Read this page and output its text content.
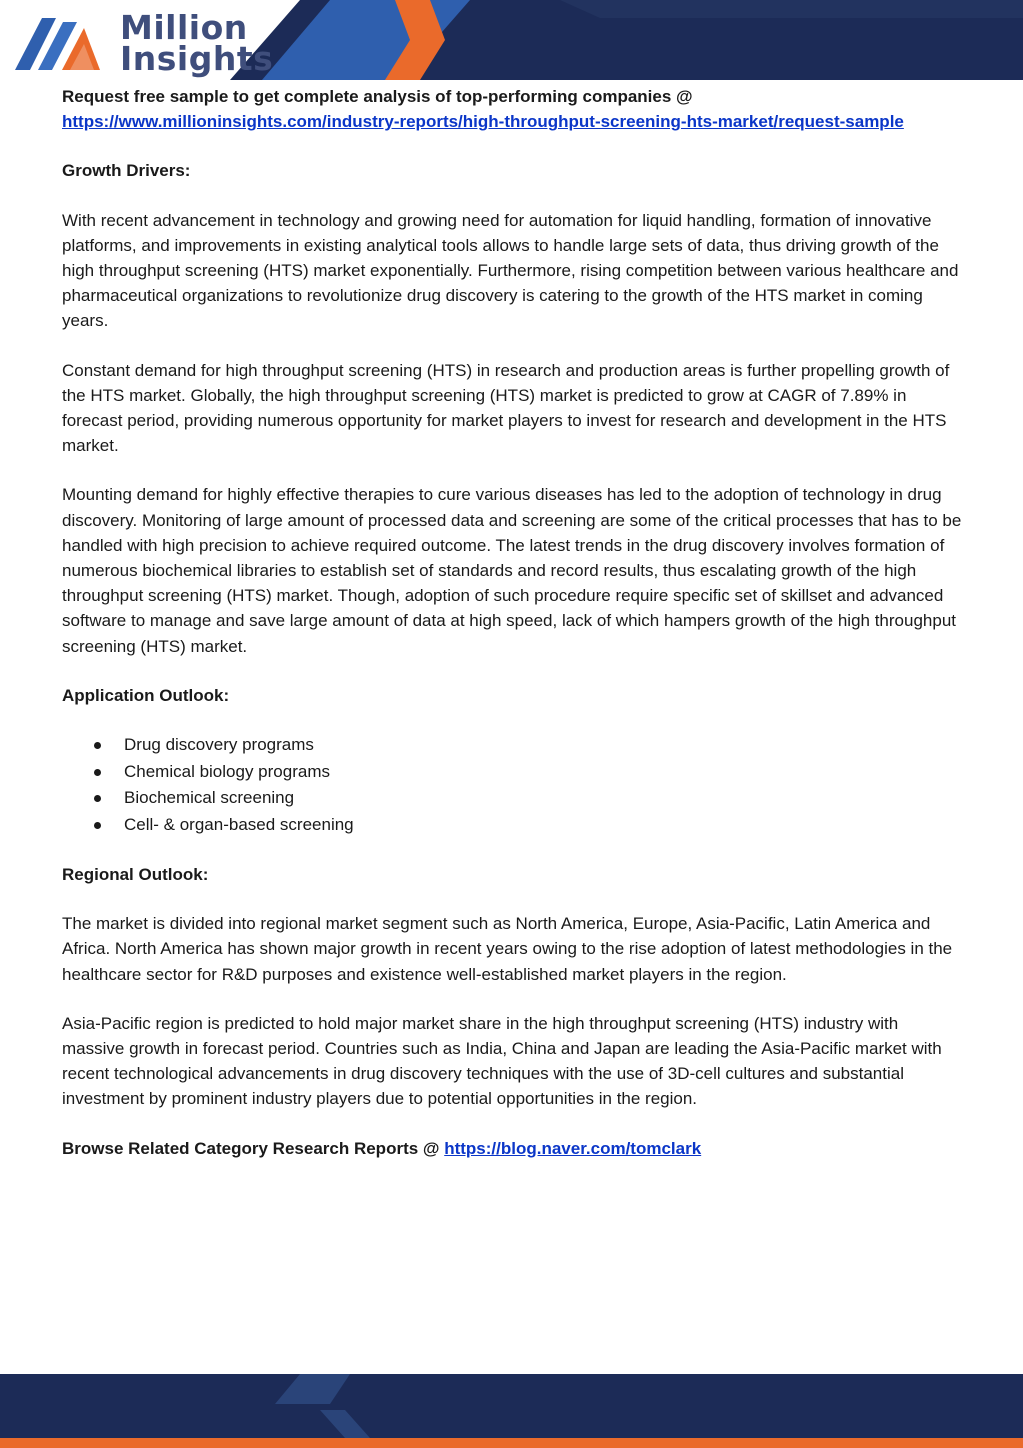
Million
Insights

Request free sample to get complete analysis of top-performing companies @
https://www.millioninsights.com/industry-reports/high-throughput-screening-hts-market/request-sample

Growth Drivers:

With recent advancement in technology and growing need for automation for liquid handling, formation of innovative platforms, and improvements in existing analytical tools allows to handle large sets of data, thus driving growth of the high throughput screening (HTS) market exponentially. Furthermore, rising competition between various healthcare and pharmaceutical organizations to revolutionize drug discovery is catering to the growth of the HTS market in coming years.

Constant demand for high throughput screening (HTS) in research and production areas is further propelling growth of the HTS market. Globally, the high throughput screening (HTS) market is predicted to grow at CAGR of 7.89% in forecast period, providing numerous opportunity for market players to invest for research and development in the HTS market.

Mounting demand for highly effective therapies to cure various diseases has led to the adoption of technology in drug discovery. Monitoring of large amount of processed data and screening are some of the critical processes that has to be handled with high precision to achieve required outcome. The latest trends in the drug discovery involves formation of numerous biochemical libraries to establish set of standards and record results, thus escalating growth of the high throughput screening (HTS) market. Though, adoption of such procedure require specific set of skillset and advanced software to manage and save large amount of data at high speed, lack of which hampers growth of the high throughput screening (HTS) market.

Application Outlook:

Drug discovery programs
Chemical biology programs
Biochemical screening
Cell- & organ-based screening

Regional Outlook:

The market is divided into regional market segment such as North America, Europe, Asia-Pacific, Latin America and Africa. North America has shown major growth in recent years owing to the rise adoption of latest methodologies in the healthcare sector for R&D purposes and existence well-established market players in the region.

Asia-Pacific region is predicted to hold major market share in the high throughput screening (HTS) industry with massive growth in forecast period. Countries such as India, China and Japan are leading the Asia-Pacific market with recent technological advancements in drug discovery techniques with the use of 3D-cell cultures and substantial investment by prominent industry players due to potential opportunities in the region.

Browse Related Category Research Reports @ https://blog.naver.com/tomclark
